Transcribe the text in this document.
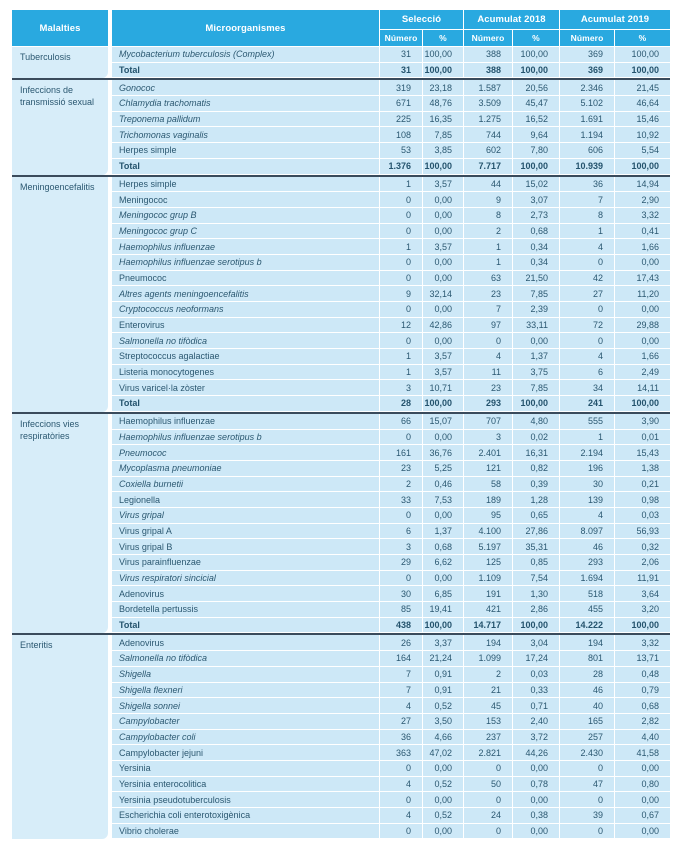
Malalties	Microorganismes
Selecció	Acumulat 2018	Acumulat 2019
Número	%	Número	%	Número	%
Tuberculosis	Mycobacterium tuberculosis (Complex)	31	100,00	388	100,00	369	100,00
Total	31	100,00	388	100,00	369	100,00
Infeccions de transmissió sexual
Gonococ	319	23,18	1.587	20,56	2.346	21,45
Chlamydia trachomatis	671	48,76	3.509	45,47	5.102	46,64
Treponema pallidum	225	16,35	1.275	16,52	1.691	15,46
Trichomonas vaginalis	108	7,85	744	9,64	1.194	10,92
Herpes simple	53	3,85	602	7,80	606	5,54
Total	1.376	100,00	7.717	100,00	10.939	100,00
Meningoencefalitis	Herpes simple	1	3,57	44	15,02	36	14,94
Meningococ	0	0,00	9	3,07	7	2,90
Meningococ grup B	0	0,00	8	2,73	8	3,32
Meningococ grup C	0	0,00	2	0,68	1	0,41
Haemophilus influenzae	1	3,57	1	0,34	4	1,66
Haemophilus influenzae serotipus b	0	0,00	1	0,34	0	0,00
Pneumococ	0	0,00	63	21,50	42	17,43
Altres agents meningoencefalitis	9	32,14	23	7,85	27	11,20
Cryptococcus neoformans	0	0,00	7	2,39	0	0,00
Enterovirus	12	42,86	97	33,11	72	29,88
Salmonella no tifòdica	0	0,00	0	0,00	0	0,00
Streptococcus agalactiae	1	3,57	4	1,37	4	1,66
Listeria monocytogenes	1	3,57	11	3,75	6	2,49
Virus varicel·la zòster	3	10,71	23	7,85	34	14,11
Total	28	100,00	293	100,00	241	100,00
Infeccions vies respiratòries
Haemophilus influenzae	66	15,07	707	4,80	555	3,90
Haemophilus influenzae serotipus b	0	0,00	3	0,02	1	0,01
Pneumococ	161	36,76	2.401	16,31	2.194	15,43
Mycoplasma pneumoniae	23	5,25	121	0,82	196	1,38
Coxiella burnetii	2	0,46	58	0,39	30	0,21
Legionella	33	7,53	189	1,28	139	0,98
Virus gripal	0	0,00	95	0,65	4	0,03
Virus gripal A	6	1,37	4.100	27,86	8.097	56,93
Virus gripal B	3	0,68	5.197	35,31	46	0,32
Virus parainfluenzae	29	6,62	125	0,85	293	2,06
Virus respiratori sincicial	0	0,00	1.109	7,54	1.694	11,91
Adenovirus	30	6,85	191	1,30	518	3,64
Bordetella pertussis	85	19,41	421	2,86	455	3,20
Total	438	100,00	14.717	100,00	14.222	100,00
Enteritis	Adenovirus	26	3,37	194	3,04	194	3,32
Salmonella no tifòdica	164	21,24	1.099	17,24	801	13,71
Shigella	7	0,91	2	0,03	28	0,48
Shigella flexneri	7	0,91	21	0,33	46	0,79
Shigella sonnei	4	0,52	45	0,71	40	0,68
Campylobacter	27	3,50	153	2,40	165	2,82
Campylobacter coli	36	4,66	237	3,72	257	4,40
Campylobacter jejuni	363	47,02	2.821	44,26	2.430	41,58
Yersinia	0	0,00	0	0,00	0	0,00
Yersinia enterocolitica	4	0,52	50	0,78	47	0,80
Yersinia pseudotuberculosis	0	0,00	0	0,00	0	0,00
Escherichia coli enterotoxigènica	4	0,52	24	0,38	39	0,67
Vibrio cholerae	0	0,00	0	0,00	0	0,00
